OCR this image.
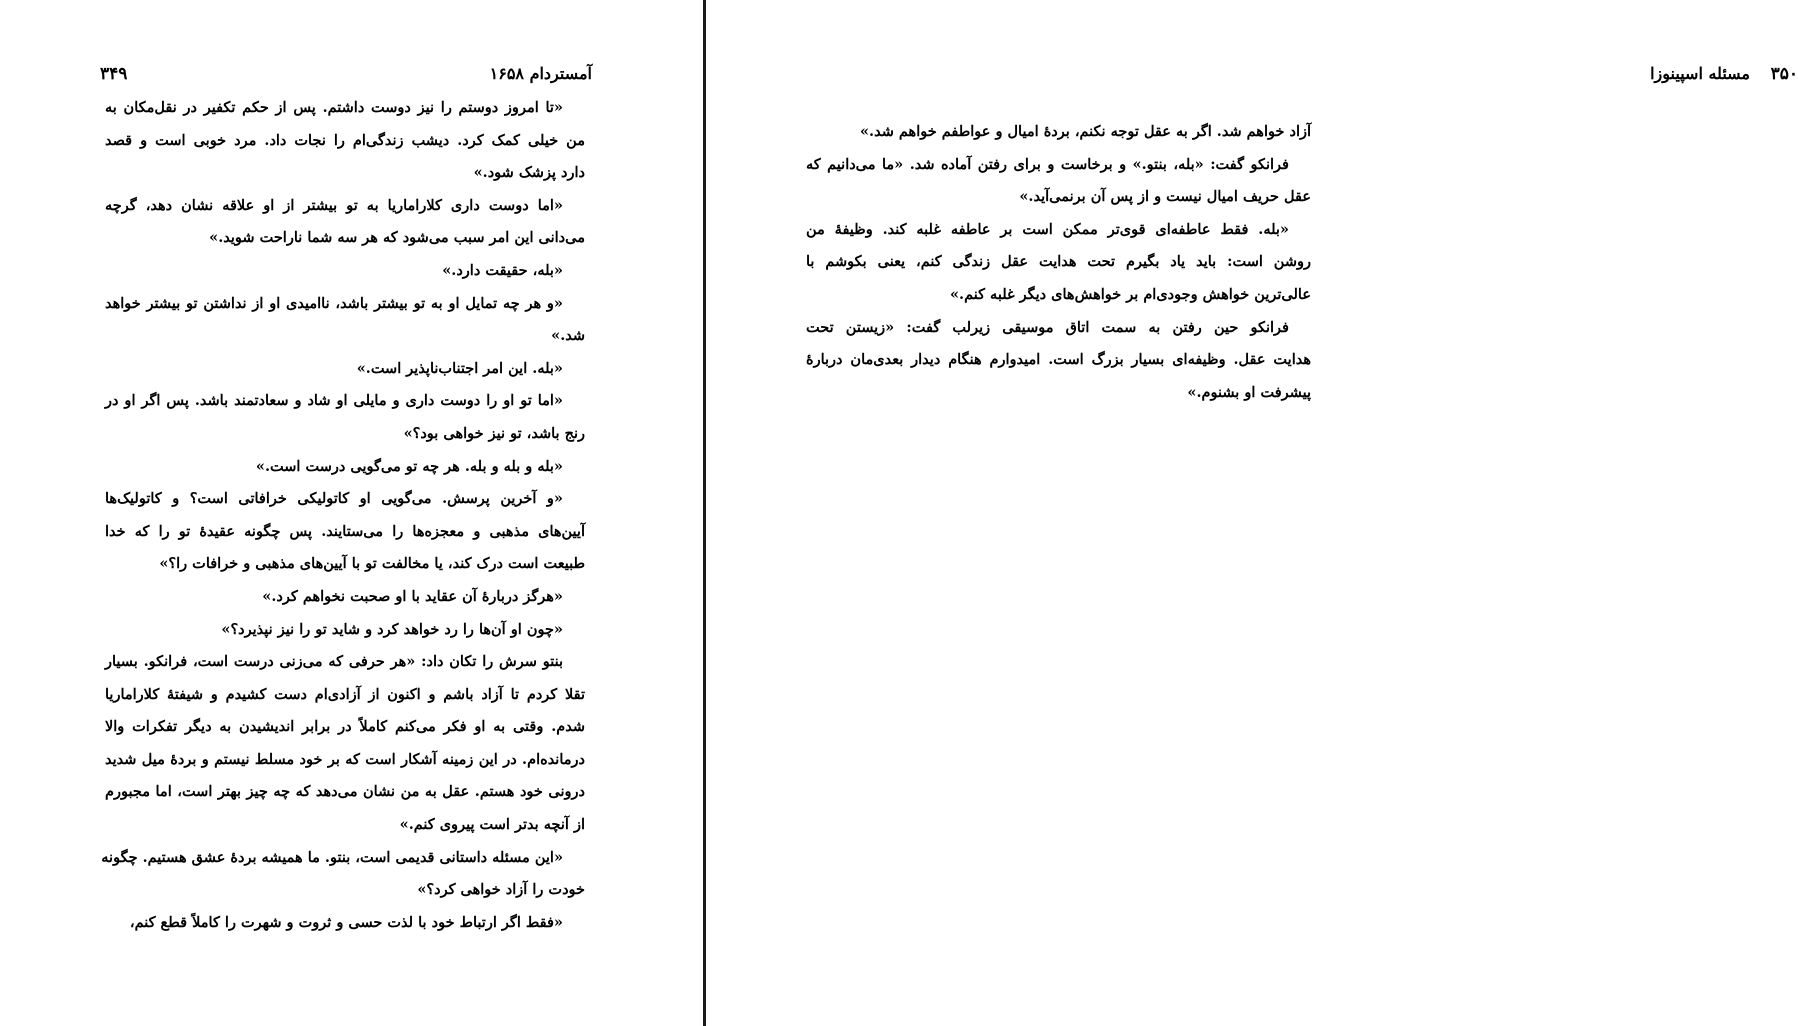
آمستردام ۱۶۵۸
۳۴۹
«تا امروز دوستم را نیز دوست داشتم. پس از حکم تکفیر در نقل‌مکان به
من خیلی کمک کرد. دیشب زندگی‌ام را نجات داد. مرد خوبی است و قصد
دارد پزشک شود.»
«اما دوست داری کلاراماریا به تو بیشتر از او علاقه نشان دهد، گرچه
می‌دانی این امر سبب می‌شود که هر سه شما ناراحت شوید.»
«بله، حقیقت دارد.»
«و هر چه تمایل او به تو بیشتر باشد، ناامیدی او از نداشتن تو بیشتر خواهد
شد.»
«بله. این امر اجتناب‌ناپذیر است.»
«اما تو او را دوست داری و مایلی او شاد و سعادتمند باشد. پس اگر او در
رنج باشد، تو نیز خواهی بود؟»
«بله و بله و بله. هر چه تو می‌گویی درست است.»
«و آخرین پرسش. می‌گویی او کاتولیکی خرافاتی است؟ و کاتولیک‌ها
آیین‌های مذهبی و معجزه‌ها را می‌ستایند. پس چگونه عقیدهٔ تو را که خدا
طبیعت است درک کند، یا مخالفت تو با آیین‌های مذهبی و خرافات را؟»
«هرگز دربارهٔ آن عقاید با او صحبت نخواهم کرد.»
«چون او آن‌ها را رد خواهد کرد و شاید تو را نیز نپذیرد؟»
بنتو سرش را تکان داد: «هر حرفی که می‌زنی درست است، فرانکو. بسیار
تقلا کردم تا آزاد باشم و اکنون از آزادی‌ام دست کشیدم و شیفتهٔ کلاراماریا
شدم. وقتی به او فکر می‌کنم کاملاً در برابر اندیشیدن به دیگر تفکرات والا
درمانده‌ام. در این زمینه آشکار است که بر خود مسلط نیستم و بردهٔ میل شدید
درونی خود هستم. عقل به من نشان می‌دهد که چه چیز بهتر است، اما مجبورم
از آنچه بدتر است پیروی کنم.»
«این مسئله داستانی قدیمی است، بنتو. ما همیشه بردهٔ عشق هستیم. چگونه
خودت را آزاد خواهی کرد؟»
«فقط اگر ارتباط خود با لذت حسی و ثروت و شهرت را کاملاً قطع کنم،
۳۵۰
مسئله اسپینوزا
آزاد خواهم شد. اگر به عقل توجه نکنم، بردهٔ امیال و عواطفم خواهم شد.»
فرانکو گفت: «بله، بنتو.» و برخاست و برای رفتن آماده شد. «ما می‌دانیم که
عقل حریف امیال نیست و از پس آن برنمی‌آید.»
«بله. فقط عاطفه‌ای قوی‌تر ممکن است بر عاطفه غلبه کند. وظیفهٔ من
روشن است: باید یاد بگیرم تحت هدایت عقل زندگی کنم، یعنی بکوشم با
عالی‌ترین خواهش وجودی‌ام بر خواهش‌های دیگر غلبه کنم.»
فرانکو حین رفتن به سمت اتاق موسیقی زیرلب گفت: «زیستن تحت
هدایت عقل. وظیفه‌ای بسیار بزرگ است. امیدوارم هنگام دیدار بعدی‌مان دربارهٔ
پیشرفت او بشنوم.»
